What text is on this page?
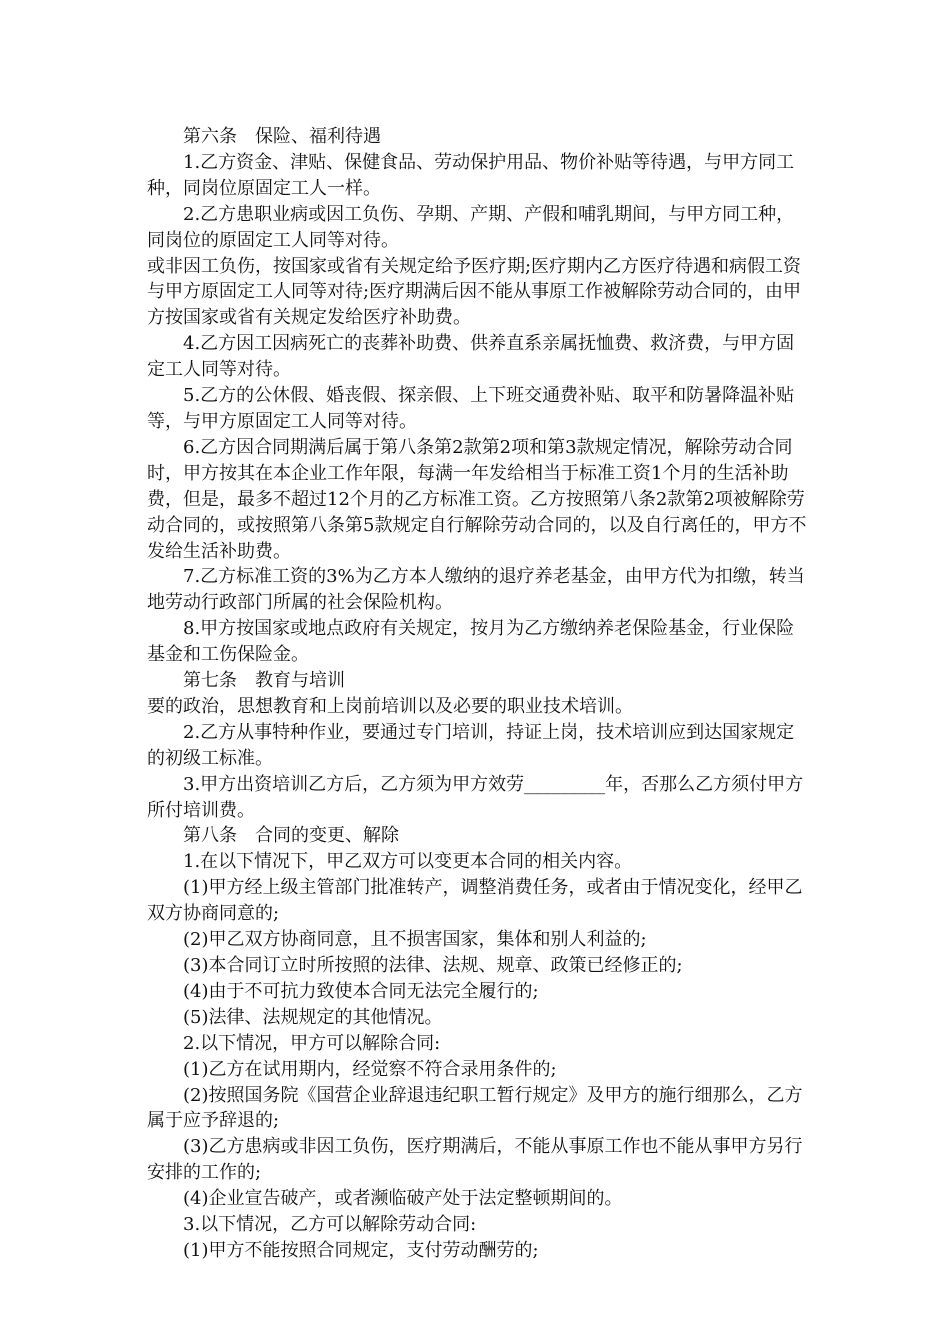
第六条　保险、福利待遇

1.乙方资金、津贴、保健食品、劳动保护用品、物价补贴等待遇，与甲方同工种，同岗位原固定工人一样。

2.乙方患职业病或因工负伤、孕期、产期、产假和哺乳期间，与甲方同工种，同岗位的原固定工人同等对待。

或非因工负伤，按国家或省有关规定给予医疗期;医疗期内乙方医疗待遇和病假工资与甲方原固定工人同等对待;医疗期满后因不能从事原工作被解除劳动合同的，由甲方按国家或省有关规定发给医疗补助费。

4.乙方因工因病死亡的丧葬补助费、供养直系亲属抚恤费、救济费，与甲方固定工人同等对待。

5.乙方的公休假、婚丧假、探亲假、上下班交通费补贴、取平和防暑降温补贴等，与甲方原固定工人同等对待。

6.乙方因合同期满后属于第八条第2款第2项和第3款规定情况，解除劳动合同时，甲方按其在本企业工作年限，每满一年发给相当于标准工资1个月的生活补助费，但是，最多不超过12个月的乙方标准工资。乙方按照第八条2款第2项被解除劳动合同的，或按照第八条第5款规定自行解除劳动合同的，以及自行离任的，甲方不发给生活补助费。

7.乙方标准工资的3%为乙方本人缴纳的退疗养老基金，由甲方代为扣缴，转当地劳动行政部门所属的社会保险机构。

8.甲方按国家或地点政府有关规定，按月为乙方缴纳养老保险基金，行业保险基金和工伤保险金。

第七条　教育与培训

要的政治，思想教育和上岗前培训以及必要的职业技术培训。

2.乙方从事特种作业，要通过专门培训，持证上岗，技术培训应到达国家规定的初级工标准。

3.甲方出资培训乙方后，乙方须为甲方效劳_________年，否那么乙方须付甲方所付培训费。

第八条　合同的变更、解除

1.在以下情况下，甲乙双方可以变更本合同的相关内容。

(1)甲方经上级主管部门批准转产，调整消费任务，或者由于情况变化，经甲乙双方协商同意的;

(2)甲乙双方协商同意，且不损害国家，集体和别人利益的;

(3)本合同订立时所按照的法律、法规、规章、政策已经修正的;

(4)由于不可抗力致使本合同无法完全履行的;

(5)法律、法规规定的其他情况。

2.以下情况，甲方可以解除合同:

(1)乙方在试用期内，经觉察不符合录用条件的;

(2)按照国务院《国营企业辞退违纪职工暂行规定》及甲方的施行细那么，乙方属于应予辞退的;

(3)乙方患病或非因工负伤，医疗期满后，不能从事原工作也不能从事甲方另行安排的工作的;

(4)企业宣告破产，或者濒临破产处于法定整顿期间的。

3.以下情况，乙方可以解除劳动合同:

(1)甲方不能按照合同规定，支付劳动酬劳的;
